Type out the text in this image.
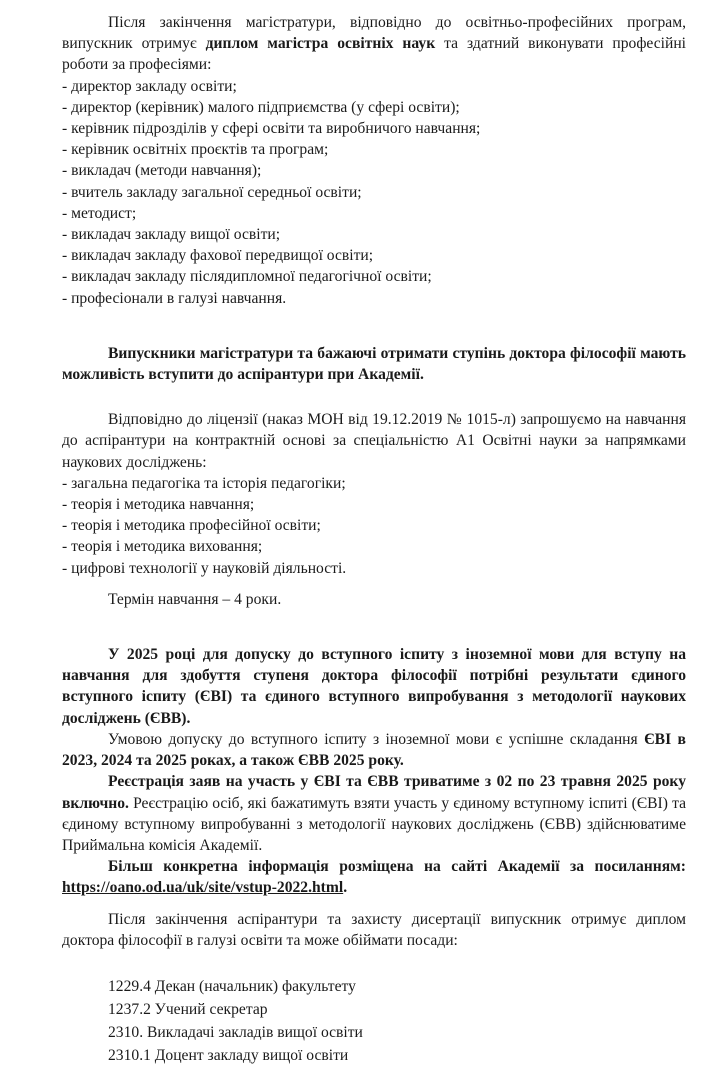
Після закінчення магістратури, відповідно до освітньо-професійних програм, випускник отримує диплом магістра освітніх наук та здатний виконувати професійні роботи за професіями:

- директор закладу освіти;
- директор (керівник) малого підприємства (у сфері освіти);
- керівник підрозділів у сфері освіти та виробничого навчання;
- керівник освітніх проєктів та програм;
- викладач (методи навчання);
- вчитель закладу загальної середньої освіти;
- методист;
- викладач закладу вищої освіти;
- викладач закладу фахової передвищої освіти;
- викладач закладу післядипломної педагогічної освіти;
- професіонали в галузі навчання.

Випускники магістратури та бажаючі отримати ступінь доктора філософії мають можливість вступити до аспірантури при Академії.

Відповідно до ліцензії (наказ МОН від 19.12.2019 № 1015-л) запрошуємо на навчання до аспірантури на контрактній основі за спеціальністю А1 Освітні науки за напрямками наукових досліджень:

- загальна педагогіка та історія педагогіки;
- теорія і методика навчання;
- теорія і методика професійної освіти;
- теорія і методика виховання;
- цифрові технології у науковій діяльності.

Термін навчання – 4 роки.

У 2025 році для допуску до вступного іспиту з іноземної мови для вступу на навчання для здобуття ступеня доктора філософії потрібні результати єдиного вступного іспиту (ЄВІ) та єдиного вступного випробування з методології наукових досліджень (ЄВВ).

Умовою допуску до вступного іспиту з іноземної мови є успішне складання ЄВІ в 2023, 2024 та 2025 роках, а також ЄВВ 2025 року.

Реєстрація заяв на участь у ЄВІ та ЄВВ триватиме з 02 по 23 травня 2025 року включно. Реєстрацію осіб, які бажатимуть взяти участь у єдиному вступному іспиті (ЄВІ) та єдиному вступному випробуванні з методології наукових досліджень (ЄВВ) здійснюватиме Приймальна комісія Академії.

Більш конкретна інформація розміщена на сайті Академії за посиланням: https://oano.od.ua/uk/site/vstup-2022.html.

Після закінчення аспірантури та захисту дисертації випускник отримує диплом доктора філософії в галузі освіти та може обіймати посади:

1229.4 Декан (начальник) факультету
1237.2 Учений секретар
2310. Викладачі закладів вищої освіти
2310.1 Доцент закладу вищої освіти
